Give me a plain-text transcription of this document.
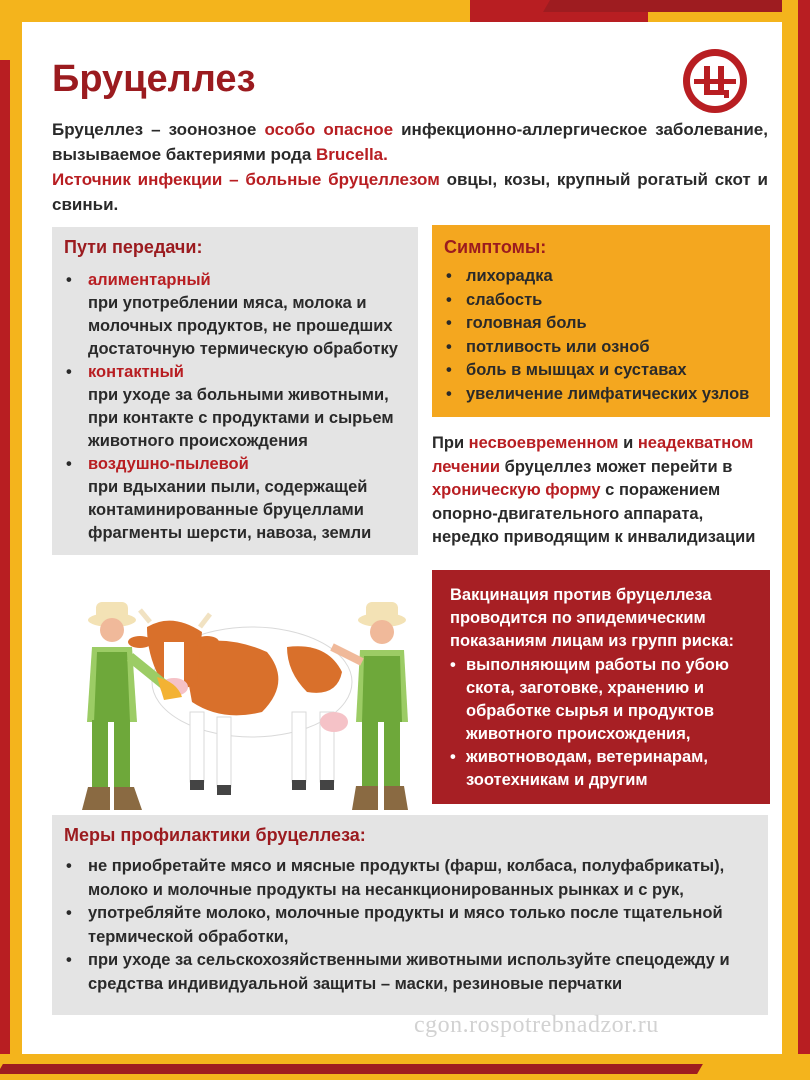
Бруцеллез

Бруцеллез – зоонозное особо опасное инфекционно-аллергическое заболевание, вызываемое бактериями рода Brucella.

Источник инфекции – больные бруцеллезом овцы, козы, крупный рогатый скот и свиньи.

Пути передачи:
• алиментарный
при употреблении мяса, молока и молочных продуктов, не прошедших достаточную термическую обработку
• контактный
при уходе за больными животными, при контакте с продуктами и сырьем животного происхождения
• воздушно-пылевой
при вдыхании пыли, содержащей контаминированные бруцеллами фрагменты шерсти, навоза, земли
Симптомы:
• лихорадка
• слабость
• головная боль
• потливость или озноб
• боль в мышцах и суставах
• увеличение лимфатических узлов
При несвоевременном и неадекватном лечении бруцеллез может перейти в хроническую форму с поражением опорно-двигательного аппарата, нередко приводящим к инвалидизации
Вакцинация против бруцеллеза проводится по эпидемическим показаниям лицам из групп риска:
• выполняющим работы по убою скота, заготовке, хранению и обработке сырья и продуктов животного происхождения,
• животноводам, ветеринарам, зоотехникам и другим
Меры профилактики бруцеллеза:
• не приобретайте мясо и мясные продукты (фарш, колбаса, полуфабрикаты), молоко и молочные продукты на несанкционированных рынках и с рук,
• употребляйте молоко, молочные продукты и мясо только после тщательной термической обработки,
• при уходе за сельскохозяйственными животными используйте спецодежду и средства индивидуальной защиты – маски, резиновые перчатки
cgon.rospotrebnadzor.ru
